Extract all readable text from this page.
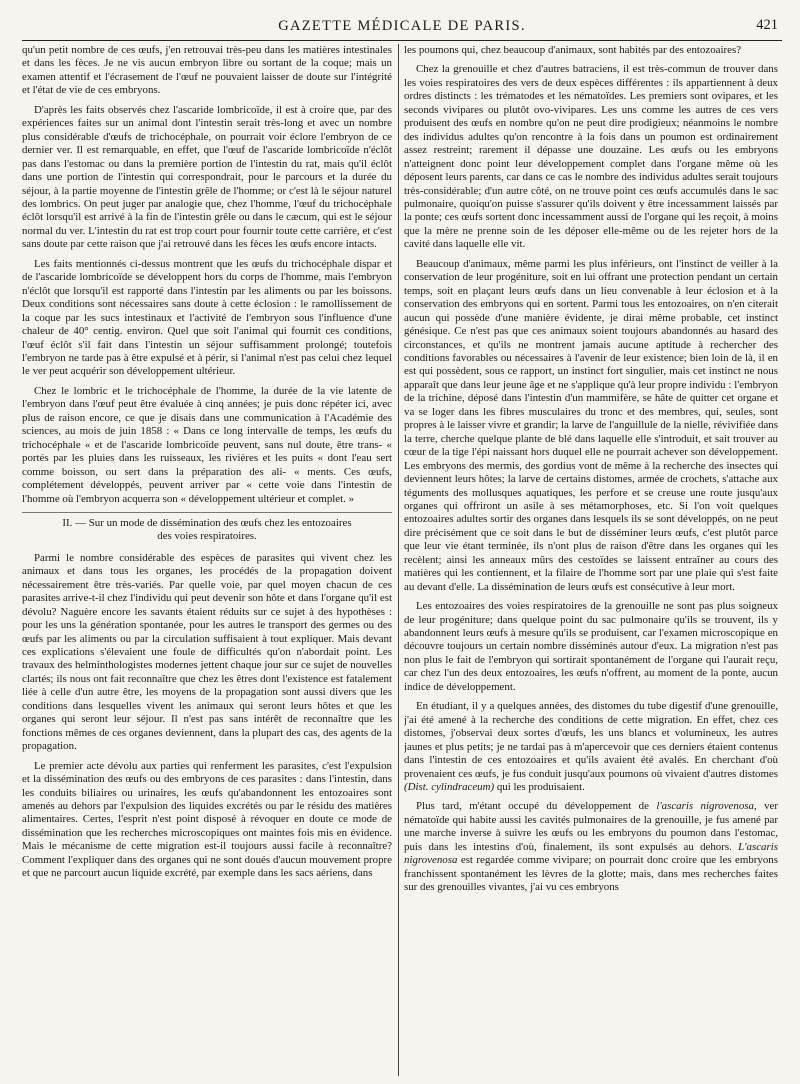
GAZETTE MÉDICALE DE PARIS.	421

qu'un petit nombre de ces œufs, j'en retrouvai très-peu dans les matières intestinales et dans les fèces. Je ne vis aucun embryon libre ou sortant de la coque; mais un examen attentif et l'écrasement de l'œuf ne pouvaient laisser de doute sur l'intégrité et l'état de vie de ces embryons.

D'après les faits observés chez l'ascaride lombricoïde, il est à croire que, par des expériences faites sur un animal dont l'intestin serait très-long et avec un nombre plus considérable d'œufs de trichocéphale, on pourrait voir éclore l'embryon de ce dernier ver. Il est remarquable, en effet, que l'œuf de l'ascaride lombricoïde n'éclôt pas dans l'estomac ou dans la première portion de l'intestin du rat, mais qu'il éclôt dans une portion de l'intestin qui correspondrait, pour le parcours et la durée du séjour, à la partie moyenne de l'intestin grêle de l'homme; or c'est là le séjour naturel des lombrics. On peut juger par analogie que, chez l'homme, l'œuf du trichocéphale éclôt lorsqu'il est arrivé à la fin de l'intestin grêle ou dans le cæcum, qui est le séjour normal du ver. L'intestin du rat est trop court pour fournir toute cette carrière, et c'est sans doute par cette raison que j'ai retrouvé dans les fèces les œufs encore intacts.

Les faits mentionnés ci-dessus montrent que les œufs du trichocéphale dispar et de l'ascaride lombricoïde se développent hors du corps de l'homme, mais l'embryon n'éclôt que lorsqu'il est rapporté dans l'intestin par les aliments ou par les boissons. Deux conditions sont nécessaires sans doute à cette éclosion : le ramollissement de la coque par les sucs intestinaux et l'activité de l'embryon sous l'influence d'une chaleur de 40° centig. environ. Quel que soit l'animal qui fournit ces conditions, l'œuf éclôt s'il fait dans l'intestin un séjour suffisamment prolongé; toutefois l'embryon ne tarde pas à être expulsé et à périr, si l'animal n'est pas celui chez lequel le ver peut acquérir son développement ultérieur.

Chez le lombric et le trichocéphale de l'homme, la durée de la vie latente de l'embryon dans l'œuf peut être évaluée à cinq années; je puis donc répéter ici, avec plus de raison encore, ce que je disais dans une communication à l'Académie des sciences, au mois de juin 1858 : « Dans ce long intervalle de temps, les œufs du trichocéphale « et de l'ascaride lombricoïde peuvent, sans nul doute, être trans- « portés par les pluies dans les ruisseaux, les rivières et les puits « dont l'eau sert comme boisson, ou sert dans la préparation des ali- « ments. Ces œufs, complétement développés, peuvent arriver par « cette voie dans l'intestin de l'homme où l'embryon acquerra son « développement ultérieur et complet. »

II. — Sur un mode de dissémination des œufs chez les entozoaires
des voies respiratoires.

Parmi le nombre considérable des espèces de parasites qui vivent chez les animaux et dans tous les organes, les procédés de la propagation doivent nécessairement être très-variés. Par quelle voie, par quel moyen chacun de ces parasites arrive-t-il chez l'individu qui peut devenir son hôte et dans l'organe qu'il est dévolu? Naguère encore les savants étaient réduits sur ce sujet à des hypothèses : pour les uns la génération spontanée, pour les autres le transport des germes ou des œufs par les aliments ou par la circulation suffisaient à tout expliquer. Mais devant ces explications s'élevaient une foule de difficultés qu'on n'abordait point. Les travaux des helminthologistes modernes jettent chaque jour sur ce sujet de nouvelles clartés; ils nous ont fait reconnaître que chez les êtres dont l'existence est fatalement liée à celle d'un autre être, les moyens de la propagation sont aussi divers que les conditions dans lesquelles vivent les animaux qui seront leurs hôtes et que les organes qui seront leur séjour. Il n'est pas sans intérêt de reconnaître que les fonctions mêmes de ces organes deviennent, dans la plupart des cas, des agents de la propagation.

Le premier acte dévolu aux parties qui renferment les parasites, c'est l'expulsion et la dissémination des œufs ou des embryons de ces parasites : dans l'intestin, dans les conduits biliaires ou urinaires, les œufs qu'abandonnent les entozoaires sont amenés au dehors par l'expulsion des liquides excrétés ou par le résidu des matières alimentaires. Certes, l'esprit n'est point disposé à révoquer en doute ce mode de dissémination que les recherches microscopiques ont maintes fois mis en évidence. Mais le mécanisme de cette migration est-il toujours aussi facile à reconnaître? Comment l'expliquer dans des organes qui ne sont doués d'aucun mouvement propre et que ne parcourt aucun liquide excrété, par exemple dans les sacs aériens, dans

les poumons qui, chez beaucoup d'animaux, sont habités par des entozoaires?

Chez la grenouille et chez d'autres batraciens, il est très-commun de trouver dans les voies respiratoires des vers de deux espèces différentes : ils appartiennent à deux ordres distincts : les trématodes et les nématoïdes. Les premiers sont ovipares, et les seconds vivipares ou plutôt ovo-vivipares. Les uns comme les autres de ces vers produisent des œufs en nombre qu'on ne peut dire prodigieux; néanmoins le nombre des individus adultes qu'on rencontre à la fois dans un poumon est ordinairement assez restreint; rarement il dépasse une douzaine. Les œufs ou les embryons n'atteignent donc point leur développement complet dans l'organe même où les déposent leurs parents, car dans ce cas le nombre des individus adultes serait toujours très-considérable; d'un autre côté, on ne trouve point ces œufs accumulés dans le sac pulmonaire, quoiqu'on puisse s'assurer qu'ils doivent y être incessamment laissés par la ponte; ces œufs sortent donc incessamment aussi de l'organe qui les reçoit, à moins que la mère ne prenne soin de les déposer elle-même ou de les rejeter hors de la cavité dans laquelle elle vit.

Beaucoup d'animaux, même parmi les plus inférieurs, ont l'instinct de veiller à la conservation de leur progéniture, soit en lui offrant une protection pendant un certain temps, soit en plaçant leurs œufs dans un lieu convenable à leur éclosion et à la conservation des embryons qui en sortent. Parmi tous les entozoaires, on n'en citerait aucun qui possède d'une manière évidente, je dirai même probable, cet instinct génésique. Ce n'est pas que ces animaux soient toujours abandonnés au hasard des circonstances, et qu'ils ne montrent jamais aucune aptitude à rechercher des conditions favorables ou nécessaires à l'avenir de leur existence; bien loin de là, il en est qui possèdent, sous ce rapport, un instinct fort singulier, mais cet instinct ne nous apparaît que dans leur jeune âge et ne s'applique qu'à leur propre individu : l'embryon de la trichine, déposé dans l'intestin d'un mammifère, se hâte de quitter cet organe et va se loger dans les fibres musculaires du tronc et des membres, qui, seules, sont propres à le laisser vivre et grandir; la larve de l'anguillule de la nielle, révivifiée dans la terre, cherche quelque plante de blé dans laquelle elle s'introduit, et sait trouver au cœur de la tige l'épi naissant hors duquel elle ne pourrait achever son développement. Les embryons des mermis, des gordius vont de même à la recherche des insectes qui deviennent leurs hôtes; la larve de certains distomes, armée de crochets, s'attache aux téguments des mollusques aquatiques, les perfore et se creuse une route jusqu'aux organes qui offriront un asile à ses métamorphoses, etc. Si l'on voit quelques entozoaires adultes sortir des organes dans lesquels ils se sont développés, on ne peut dire précisément que ce soit dans le but de disséminer leurs œufs, c'est plutôt parce que leur vie étant terminée, ils n'ont plus de raison d'être dans les organes qui les recèlent; ainsi les anneaux mûrs des cestoïdes se laissent entraîner au cours des matières qui les contiennent, et la filaire de l'homme sort par une plaie qui s'est faite au devant d'elle. La dissémination de leurs œufs est consécutive à leur mort.

Les entozoaires des voies respiratoires de la grenouille ne sont pas plus soigneux de leur progéniture; dans quelque point du sac pulmonaire qu'ils se trouvent, ils y abandonnent leurs œufs à mesure qu'ils se produisent, car l'examen microscopique en découvre toujours un certain nombre disséminés autour d'eux. La migration n'est pas non plus le fait de l'embryon qui sortirait spontanément de l'organe qui l'aurait reçu, car chez l'un des deux entozoaires, les œufs n'offrent, au moment de la ponte, aucun indice de développement.

En étudiant, il y a quelques années, des distomes du tube digestif d'une grenouille, j'ai été amené à la recherche des conditions de cette migration. En effet, chez ces distomes, j'observai deux sortes d'œufs, les uns blancs et volumineux, les autres jaunes et plus petits; je ne tardai pas à m'apercevoir que ces derniers étaient contenus dans l'intestin de ces entozoaires et qu'ils avaient été avalés. En cherchant d'où provenaient ces œufs, je fus conduit jusqu'aux poumons où vivaient d'autres distomes (Dist. cylindraceum) qui les produisaient.

Plus tard, m'étant occupé du développement de l'ascaris nigrovenosa, ver nématoïde qui habite aussi les cavités pulmonaires de la grenouille, je fus amené par une marche inverse à suivre les œufs ou les embryons du poumon dans l'estomac, puis dans les intestins d'où, finalement, ils sont expulsés au dehors. L'ascaris nigrovenosa est regardée comme vivipare; on pourrait donc croire que les embryons franchissent spontanément les lèvres de la glotte; mais, dans mes recherches faites sur des grenouilles vivantes, j'ai vu ces embryons
